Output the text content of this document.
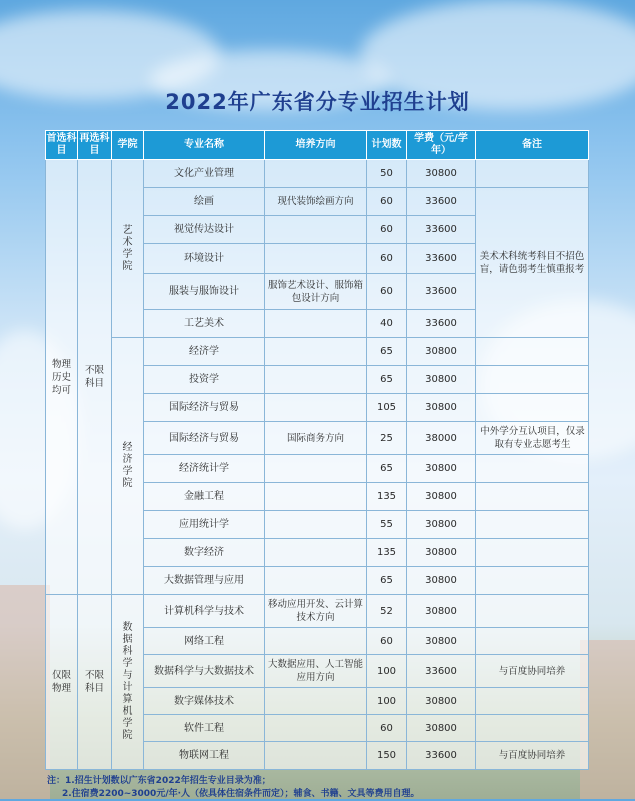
2022年广东省分专业招生计划
首选科目	再选科目	学院	专业名称	培养方向	计划数	学费（元/学年）	备注
物理历史均可	不限科目	艺术学院	文化产业管理		50	30800	
			绘画	现代装饰绘画方向	60	33600	美术术科统考科目不招色盲，请色弱考生慎重报考
			视觉传达设计		60	33600	
			环境设计		60	33600	
			服装与服饰设计	服饰艺术设计、服饰箱包设计方向	60	33600	
			工艺美术		40	33600	
		经济学院	经济学		65	30800	
			投资学		65	30800	
			国际经济与贸易		105	30800	
			国际经济与贸易	国际商务方向	25	38000	中外学分互认项目，仅录取有专业志愿考生
			经济统计学		65	30800	
			金融工程		135	30800	
			应用统计学		55	30800	
			数字经济		135	30800	
			大数据管理与应用		65	30800	
仅限物理	不限科目	数据科学与计算机学院	计算机科学与技术	移动应用开发、云计算技术方向	52	30800	
			网络工程		60	30800	
			数据科学与大数据技术	大数据应用、人工智能应用方向	100	33600	与百度协同培养
			数字媒体技术		100	30800	
			软件工程		60	30800	
			物联网工程		150	33600	与百度协同培养
注：1.招生计划数以广东省2022年招生专业目录为准；
2.住宿费2200~3000元/年·人（依具体住宿条件而定）；辅食、书籍、文具等费用自理。
